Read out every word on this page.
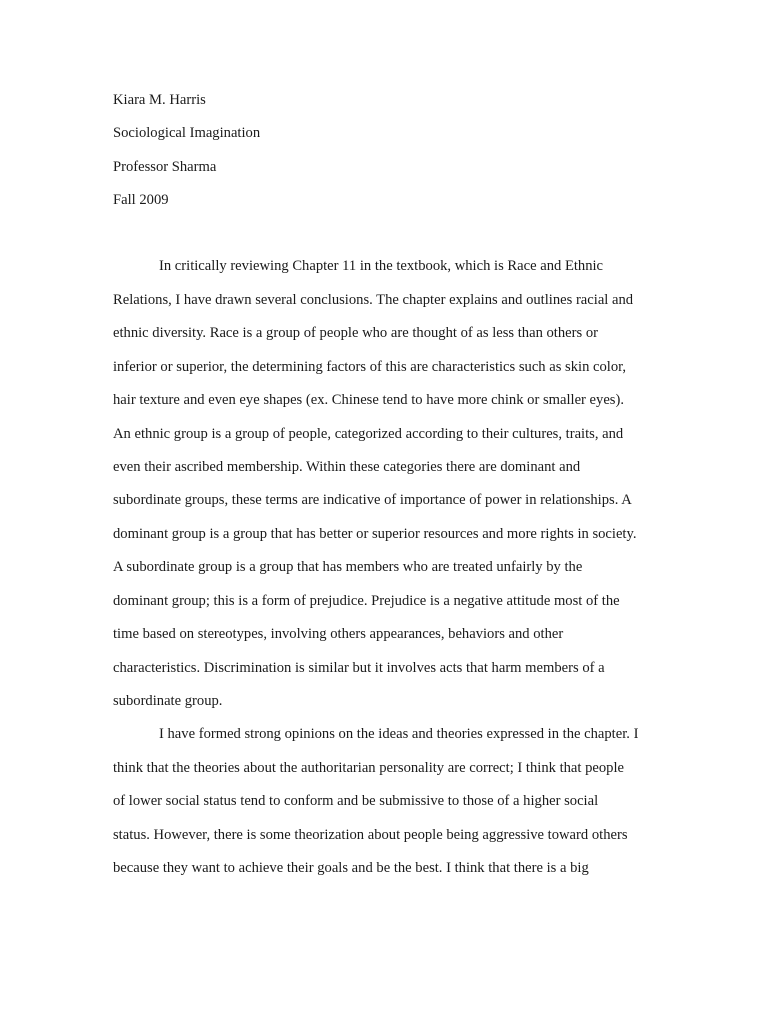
Kiara M. Harris
Sociological Imagination
Professor Sharma
Fall 2009
In critically reviewing Chapter 11 in the textbook, which is Race and Ethnic
Relations, I have drawn several conclusions. The chapter explains and outlines racial and
ethnic diversity. Race is a group of people who are thought of as less than others or
inferior or superior, the determining factors of this are characteristics such as skin color,
hair texture and even eye shapes (ex. Chinese tend to have more chink or smaller eyes).
An ethnic group is a group of people, categorized according to their cultures, traits, and
even their ascribed membership. Within these categories there are dominant and
subordinate groups, these terms are indicative of importance of power in relationships. A
dominant group is a group that has better or superior resources and more rights in society.
A subordinate group is a group that has members who are treated unfairly by the
dominant group; this is a form of prejudice. Prejudice is a negative attitude most of the
time based on stereotypes, involving others appearances, behaviors and other
characteristics. Discrimination is similar but it involves acts that harm members of a
subordinate group.
I have formed strong opinions on the ideas and theories expressed in the chapter. I
think that the theories about the authoritarian personality are correct; I think that people
of lower social status tend to conform and be submissive to those of a higher social
status. However, there is some theorization about people being aggressive toward others
because they want to achieve their goals and be the best. I think that there is a big
